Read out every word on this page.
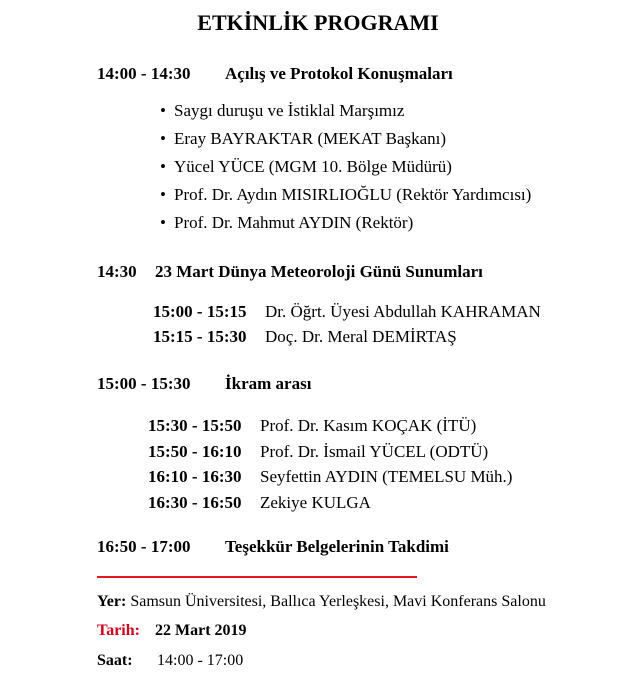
ETKİNLİK PROGRAMI
14:00 - 14:30 Açılış ve Protokol Konuşmaları
• Saygı duruşu ve İstiklal Marşımız
• Eray BAYRAKTAR (MEKAT Başkanı)
• Yücel YÜCE (MGM 10. Bölge Müdürü)
• Prof. Dr. Aydın MISIRLIOĞLU (Rektör Yardımcısı)
• Prof. Dr. Mahmut AYDIN (Rektör)
14:30 23 Mart Dünya Meteoroloji Günü Sunumları
15:00 - 15:15 Dr. Öğrt. Üyesi Abdullah KAHRAMAN
15:15 - 15:30 Doç. Dr. Meral DEMİRTAŞ
15:00 - 15:30 İkram arası
15:30 - 15:50 Prof. Dr. Kasım KOÇAK (İTÜ)
15:50 - 16:10 Prof. Dr. İsmail YÜCEL (ODTÜ)
16:10 - 16:30 Seyfettin AYDIN (TEMELSU Müh.)
16:30 - 16:50 Zekiye KULGA
16:50 - 17:00 Teşekkür Belgelerinin Takdimi
Yer: Samsun Üniversitesi, Ballıca Yerleşkesi, Mavi Konferans Salonu
Tarih: 22 Mart 2019
Saat: 14:00 - 17:00
